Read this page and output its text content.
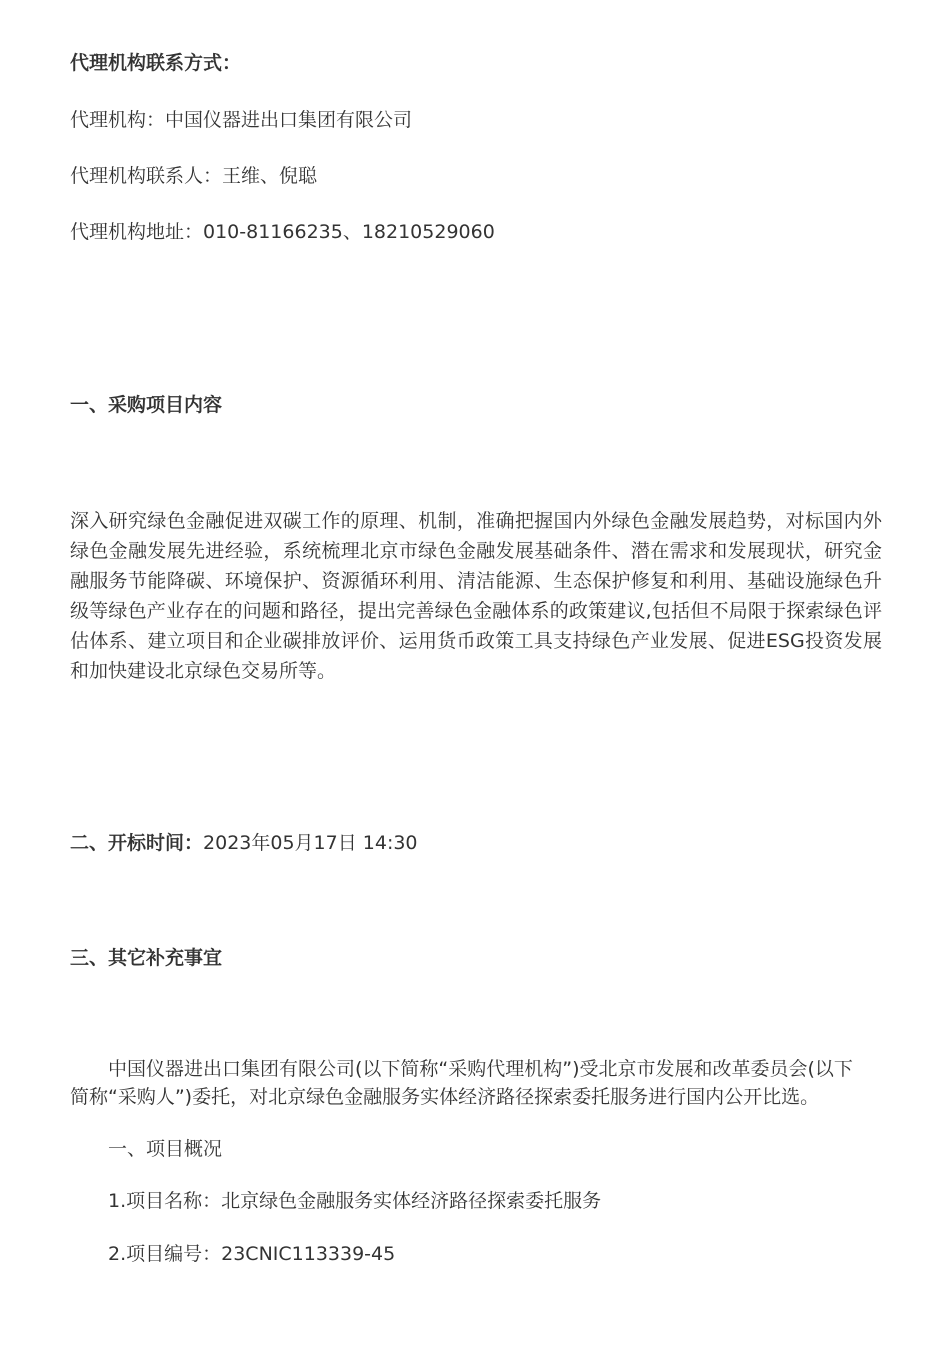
代理机构联系方式：
代理机构：中国仪器进出口集团有限公司
代理机构联系人：王维、倪聪
代理机构地址：010-81166235、18210529060
一、采购项目内容
深入研究绿色金融促进双碳工作的原理、机制，准确把握国内外绿色金融发展趋势，对标国内外
绿色金融发展先进经验，系统梳理北京市绿色金融发展基础条件、潜在需求和发展现状，研究金
融服务节能降碳、环境保护、资源循环利用、清洁能源、生态保护修复和利用、基础设施绿色升
级等绿色产业存在的问题和路径，提出完善绿色金融体系的政策建议,包括但不局限于探索绿色评
估体系、建立项目和企业碳排放评价、运用货币政策工具支持绿色产业发展、促进ESG投资发展
和加快建设北京绿色交易所等。
二、开标时间：2023年05月17日 14:30
三、其它补充事宜
中国仪器进出口集团有限公司(以下简称“采购代理机构”)受北京市发展和改革委员会(以下
简称“采购人”)委托，对北京绿色金融服务实体经济路径探索委托服务进行国内公开比选。
一、项目概况
1.项目名称：北京绿色金融服务实体经济路径探索委托服务
2.项目编号：23CNIC113339-45
